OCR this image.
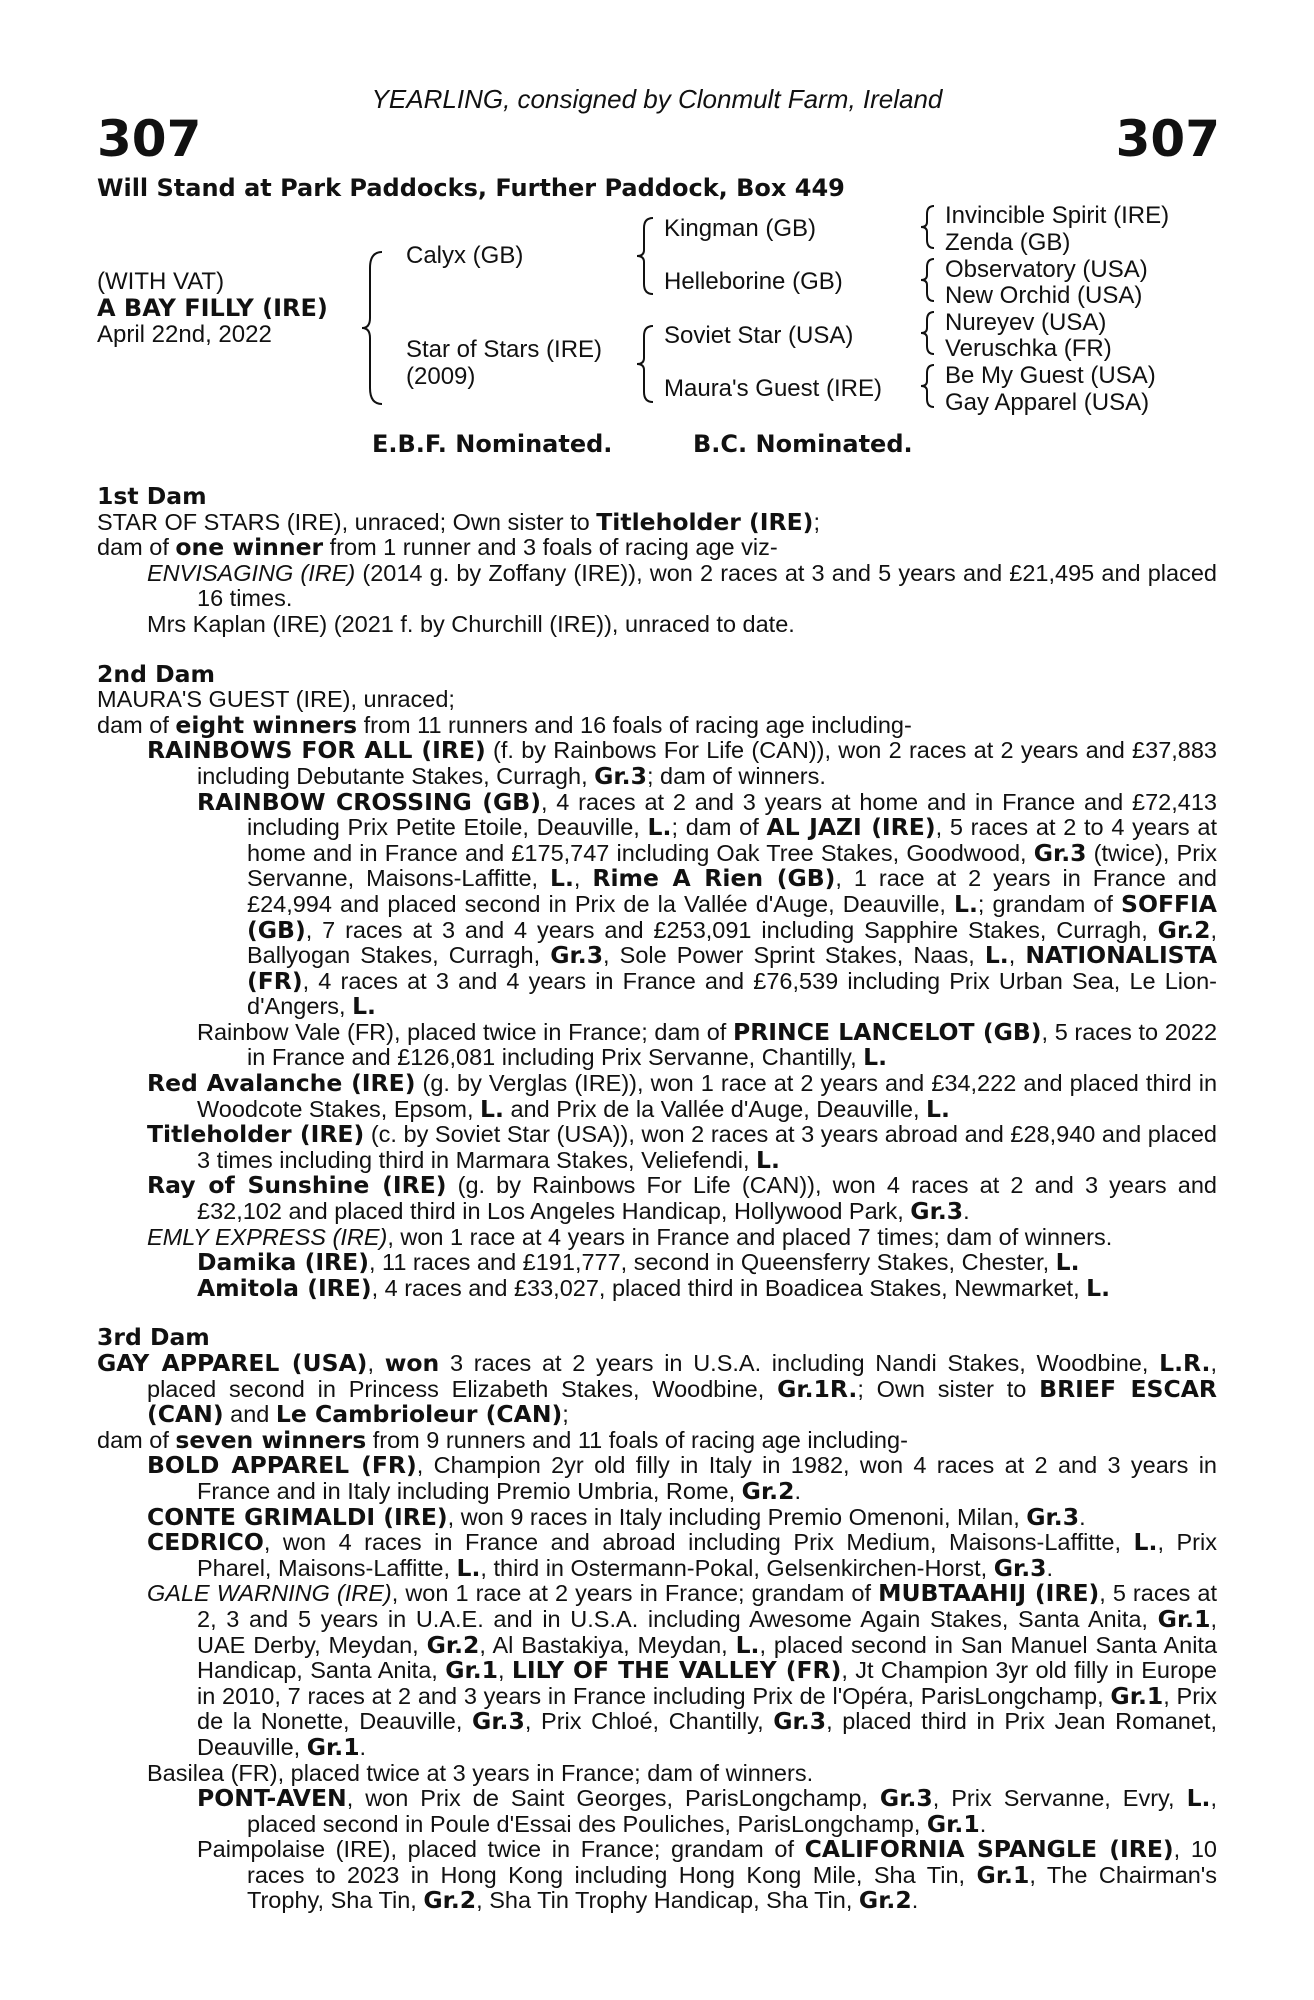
YEARLING, consigned by Clonmult Farm, Ireland
307	307
Will Stand at Park Paddocks, Further Paddock, Box 449
(WITH VAT)
A BAY FILLY (IRE)
April 22nd, 2022
Calyx (GB)
Star of Stars (IRE)
(2009)
Kingman (GB)
Helleborine (GB)
Soviet Star (USA)
Maura's Guest (IRE)
Invincible Spirit (IRE)
Zenda (GB)
Observatory (USA)
New Orchid (USA)
Nureyev (USA)
Veruschka (FR)
Be My Guest (USA)
Gay Apparel (USA)
E.B.F. Nominated.	B.C. Nominated.

1st Dam

STAR OF STARS (IRE), unraced; Own sister to Titleholder (IRE);

dam of one winner from 1 runner and 3 foals of racing age viz-

ENVISAGING (IRE) (2014 g. by Zoffany (IRE)), won 2 races at 3 and 5 years and £21,495 and placed 16 times.

Mrs Kaplan (IRE) (2021 f. by Churchill (IRE)), unraced to date.

2nd Dam

MAURA'S GUEST (IRE), unraced;

dam of eight winners from 11 runners and 16 foals of racing age including-

RAINBOWS FOR ALL (IRE) (f. by Rainbows For Life (CAN)), won 2 races at 2 years and £37,883 including Debutante Stakes, Curragh, Gr.3; dam of winners.

RAINBOW CROSSING (GB), 4 races at 2 and 3 years at home and in France and £72,413 including Prix Petite Etoile, Deauville, L.; dam of AL JAZI (IRE), 5 races at 2 to 4 years at home and in France and £175,747 including Oak Tree Stakes, Goodwood, Gr.3 (twice), Prix Servanne, Maisons-Laffitte, L., Rime A Rien (GB), 1 race at 2 years in France and £24,994 and placed second in Prix de la Vallée d'Auge, Deauville, L.; grandam of SOFFIA (GB), 7 races at 3 and 4 years and £253,091 including Sapphire Stakes, Curragh, Gr.2, Ballyogan Stakes, Curragh, Gr.3, Sole Power Sprint Stakes, Naas, L., NATIONALISTA (FR), 4 races at 3 and 4 years in France and £76,539 including Prix Urban Sea, Le Lion-d'Angers, L.

Rainbow Vale (FR), placed twice in France; dam of PRINCE LANCELOT (GB), 5 races to 2022 in France and £126,081 including Prix Servanne, Chantilly, L.

Red Avalanche (IRE) (g. by Verglas (IRE)), won 1 race at 2 years and £34,222 and placed third in Woodcote Stakes, Epsom, L. and Prix de la Vallée d'Auge, Deauville, L.

Titleholder (IRE) (c. by Soviet Star (USA)), won 2 races at 3 years abroad and £28,940 and placed 3 times including third in Marmara Stakes, Veliefendi, L.

Ray of Sunshine (IRE) (g. by Rainbows For Life (CAN)), won 4 races at 2 and 3 years and £32,102 and placed third in Los Angeles Handicap, Hollywood Park, Gr.3.

EMLY EXPRESS (IRE), won 1 race at 4 years in France and placed 7 times; dam of winners.

Damika (IRE), 11 races and £191,777, second in Queensferry Stakes, Chester, L.

Amitola (IRE), 4 races and £33,027, placed third in Boadicea Stakes, Newmarket, L.

3rd Dam

GAY APPAREL (USA), won 3 races at 2 years in U.S.A. including Nandi Stakes, Woodbine, L.R., placed second in Princess Elizabeth Stakes, Woodbine, Gr.1R.; Own sister to BRIEF ESCAR (CAN) and Le Cambrioleur (CAN);

dam of seven winners from 9 runners and 11 foals of racing age including-

BOLD APPAREL (FR), Champion 2yr old filly in Italy in 1982, won 4 races at 2 and 3 years in France and in Italy including Premio Umbria, Rome, Gr.2.

CONTE GRIMALDI (IRE), won 9 races in Italy including Premio Omenoni, Milan, Gr.3.

CEDRICO, won 4 races in France and abroad including Prix Medium, Maisons-Laffitte, L., Prix Pharel, Maisons-Laffitte, L., third in Ostermann-Pokal, Gelsenkirchen-Horst, Gr.3.

GALE WARNING (IRE), won 1 race at 2 years in France; grandam of MUBTAAHIJ (IRE), 5 races at 2, 3 and 5 years in U.A.E. and in U.S.A. including Awesome Again Stakes, Santa Anita, Gr.1, UAE Derby, Meydan, Gr.2, Al Bastakiya, Meydan, L., placed second in San Manuel Santa Anita Handicap, Santa Anita, Gr.1, LILY OF THE VALLEY (FR), Jt Champion 3yr old filly in Europe in 2010, 7 races at 2 and 3 years in France including Prix de l'Opéra, ParisLongchamp, Gr.1, Prix de la Nonette, Deauville, Gr.3, Prix Chloé, Chantilly, Gr.3, placed third in Prix Jean Romanet, Deauville, Gr.1.

Basilea (FR), placed twice at 3 years in France; dam of winners.

PONT-AVEN, won Prix de Saint Georges, ParisLongchamp, Gr.3, Prix Servanne, Evry, L., placed second in Poule d'Essai des Pouliches, ParisLongchamp, Gr.1.

Paimpolaise (IRE), placed twice in France; grandam of CALIFORNIA SPANGLE (IRE), 10 races to 2023 in Hong Kong including Hong Kong Mile, Sha Tin, Gr.1, The Chairman's Trophy, Sha Tin, Gr.2, Sha Tin Trophy Handicap, Sha Tin, Gr.2.
